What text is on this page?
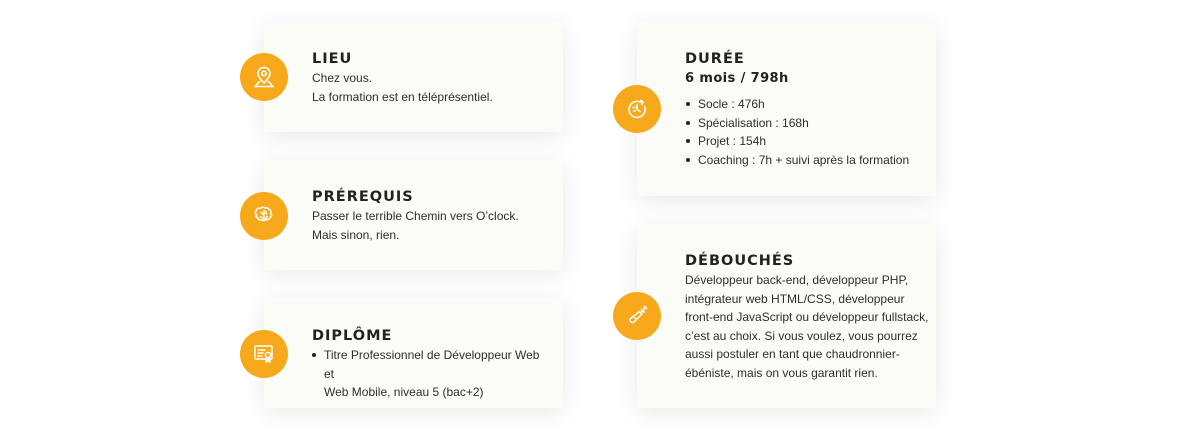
LIEU
Chez vous.
La formation est en téléprésentiel.
PRÉREQUIS
Passer le terrible Chemin vers O’clock.
Mais sinon, rien.
DIPLÔME
Titre Professionnel de Développeur Web et
Web Mobile, niveau 5 (bac+2)
DURÉE
6 mois / 798h
Socle : 476h
Spécialisation : 168h
Projet : 154h
Coaching : 7h + suivi après la formation
DÉBOUCHÉS
Développeur back-end, développeur PHP,
intégrateur web HTML/CSS, développeur
front-end JavaScript ou développeur fullstack,
c’est au choix. Si vous voulez, vous pourrez
aussi postuler en tant que chaudronnier-
ébéniste, mais on vous garantit rien.
